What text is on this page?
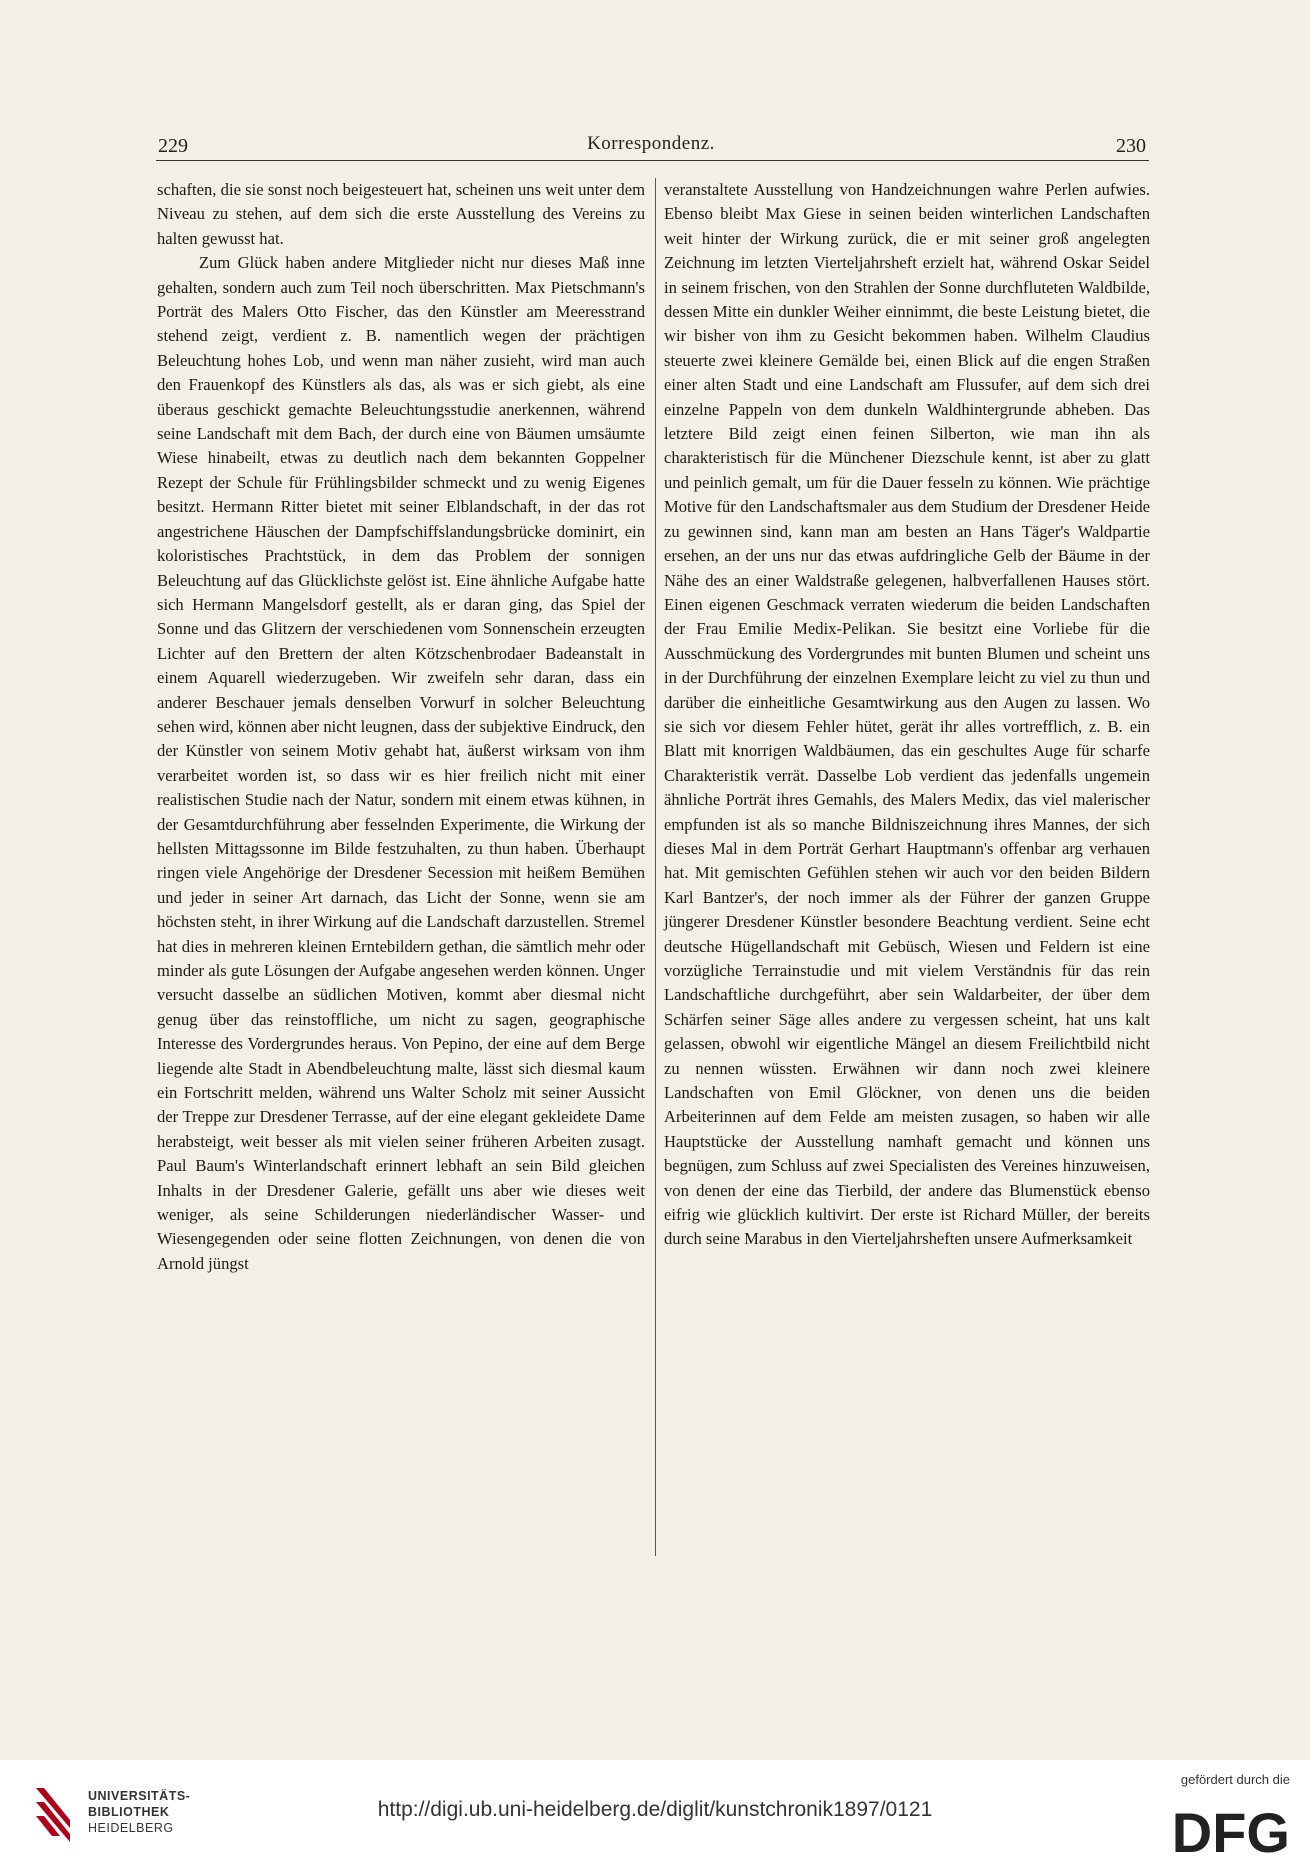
229	Korrespondenz.	230

schaften, die sie sonst noch beigesteuert hat, scheinen uns weit unter dem Niveau zu stehen, auf dem sich die erste Ausstellung des Vereins zu halten gewusst hat.

Zum Glück haben andere Mitglieder nicht nur dieses Maß inne gehalten, sondern auch zum Teil noch überschritten. Max Pietschmann's Porträt des Malers Otto Fischer, das den Künstler am Meeresstrand stehend zeigt, verdient z. B. namentlich wegen der prächtigen Beleuchtung hohes Lob, und wenn man näher zusieht, wird man auch den Frauenkopf des Künstlers als das, als was er sich giebt, als eine überaus geschickt gemachte Beleuchtungsstudie anerkennen, während seine Landschaft mit dem Bach, der durch eine von Bäumen umsäumte Wiese hinabeilt, etwas zu deutlich nach dem bekannten Goppelner Rezept der Schule für Frühlingsbilder schmeckt und zu wenig Eigenes besitzt. Hermann Ritter bietet mit seiner Elblandschaft, in der das rot angestrichene Häuschen der Dampfschiffslandungsbrücke dominirt, ein koloristisches Prachtstück, in dem das Problem der sonnigen Beleuchtung auf das Glücklichste gelöst ist. Eine ähnliche Aufgabe hatte sich Hermann Mangelsdorf gestellt, als er daran ging, das Spiel der Sonne und das Glitzern der verschiedenen vom Sonnenschein erzeugten Lichter auf den Brettern der alten Kötzschenbrodaer Badeanstalt in einem Aquarell wiederzugeben. Wir zweifeln sehr daran, dass ein anderer Beschauer jemals denselben Vorwurf in solcher Beleuchtung sehen wird, können aber nicht leugnen, dass der subjektive Eindruck, den der Künstler von seinem Motiv gehabt hat, äußerst wirksam von ihm verarbeitet worden ist, so dass wir es hier freilich nicht mit einer realistischen Studie nach der Natur, sondern mit einem etwas kühnen, in der Gesamtdurchführung aber fesselnden Experimente, die Wirkung der hellsten Mittagssonne im Bilde festzuhalten, zu thun haben. Überhaupt ringen viele Angehörige der Dresdener Secession mit heißem Bemühen und jeder in seiner Art darnach, das Licht der Sonne, wenn sie am höchsten steht, in ihrer Wirkung auf die Landschaft darzustellen. Stremel hat dies in mehreren kleinen Erntebildern gethan, die sämtlich mehr oder minder als gute Lösungen der Aufgabe angesehen werden können. Unger versucht dasselbe an südlichen Motiven, kommt aber diesmal nicht genug über das reinstoffliche, um nicht zu sagen, geographische Interesse des Vordergrundes heraus. Von Pepino, der eine auf dem Berge liegende alte Stadt in Abendbeleuchtung malte, lässt sich diesmal kaum ein Fortschritt melden, während uns Walter Scholz mit seiner Aussicht der Treppe zur Dresdener Terrasse, auf der eine elegant gekleidete Dame herabsteigt, weit besser als mit vielen seiner früheren Arbeiten zusagt. Paul Baum's Winterlandschaft erinnert lebhaft an sein Bild gleichen Inhalts in der Dresdener Galerie, gefällt uns aber wie dieses weit weniger, als seine Schilderungen niederländischer Wasser- und Wiesengegenden oder seine flotten Zeichnungen, von denen die von Arnold jüngst

veranstaltete Ausstellung von Handzeichnungen wahre Perlen aufwies. Ebenso bleibt Max Giese in seinen beiden winterlichen Landschaften weit hinter der Wirkung zurück, die er mit seiner groß angelegten Zeichnung im letzten Vierteljahrsheft erzielt hat, während Oskar Seidel in seinem frischen, von den Strahlen der Sonne durchfluteten Waldbilde, dessen Mitte ein dunkler Weiher einnimmt, die beste Leistung bietet, die wir bisher von ihm zu Gesicht bekommen haben. Wilhelm Claudius steuerte zwei kleinere Gemälde bei, einen Blick auf die engen Straßen einer alten Stadt und eine Landschaft am Flussufer, auf dem sich drei einzelne Pappeln von dem dunkeln Waldhintergrunde abheben. Das letztere Bild zeigt einen feinen Silberton, wie man ihn als charakteristisch für die Münchener Diezschule kennt, ist aber zu glatt und peinlich gemalt, um für die Dauer fesseln zu können. Wie prächtige Motive für den Landschaftsmaler aus dem Studium der Dresdener Heide zu gewinnen sind, kann man am besten an Hans Täger's Waldpartie ersehen, an der uns nur das etwas aufdringliche Gelb der Bäume in der Nähe des an einer Waldstraße gelegenen, halbverfallenen Hauses stört. Einen eigenen Geschmack verraten wiederum die beiden Landschaften der Frau Emilie Medix-Pelikan. Sie besitzt eine Vorliebe für die Ausschmückung des Vordergrundes mit bunten Blumen und scheint uns in der Durchführung der einzelnen Exemplare leicht zu viel zu thun und darüber die einheitliche Gesamtwirkung aus den Augen zu lassen. Wo sie sich vor diesem Fehler hütet, gerät ihr alles vortrefflich, z. B. ein Blatt mit knorrigen Waldbäumen, das ein geschultes Auge für scharfe Charakteristik verrät. Dasselbe Lob verdient das jedenfalls ungemein ähnliche Porträt ihres Gemahls, des Malers Medix, das viel malerischer empfunden ist als so manche Bildniszeichnung ihres Mannes, der sich dieses Mal in dem Porträt Gerhart Hauptmann's offenbar arg verhauen hat. Mit gemischten Gefühlen stehen wir auch vor den beiden Bildern Karl Bantzer's, der noch immer als der Führer der ganzen Gruppe jüngerer Dresdener Künstler besondere Beachtung verdient. Seine echt deutsche Hügellandschaft mit Gebüsch, Wiesen und Feldern ist eine vorzügliche Terrainstudie und mit vielem Verständnis für das rein Landschaftliche durchgeführt, aber sein Waldarbeiter, der über dem Schärfen seiner Säge alles andere zu vergessen scheint, hat uns kalt gelassen, obwohl wir eigentliche Mängel an diesem Freilichtbild nicht zu nennen wüssten. Erwähnen wir dann noch zwei kleinere Landschaften von Emil Glöckner, von denen uns die beiden Arbeiterinnen auf dem Felde am meisten zusagen, so haben wir alle Hauptstücke der Ausstellung namhaft gemacht und können uns begnügen, zum Schluss auf zwei Specialisten des Vereines hinzuweisen, von denen der eine das Tierbild, der andere das Blumenstück ebenso eifrig wie glücklich kultivirt. Der erste ist Richard Müller, der bereits durch seine Marabus in den Vierteljahrsheften unsere Aufmerksamkeit

UNIVERSITÄTS-
BIBLIOTHEK
HEIDELBERG
http://digi.ub.uni-heidelberg.de/diglit/kunstchronik1897/0121
gefördert durch die
DFG
